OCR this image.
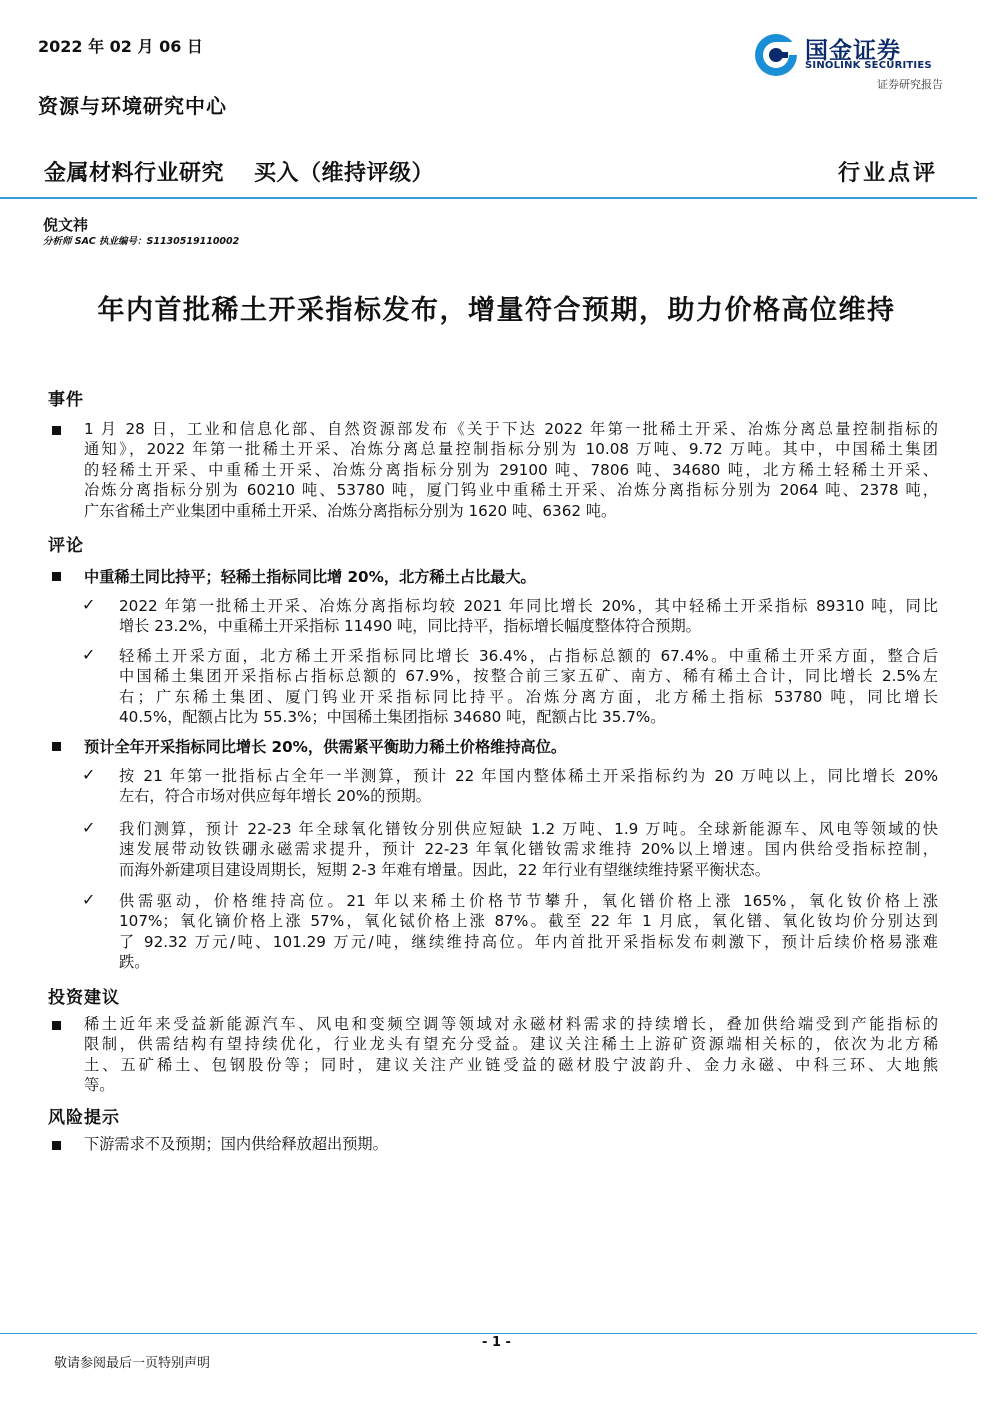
2022 年 02 月 06 日
资源与环境研究中心
国金证券
SINOLINK SECURITIES
证券研究报告
金属材料行业研究 买入（维持评级）	行业点评
倪文祎
分析师 SAC 执业编号：S1130519110002
年内首批稀土开采指标发布，增量符合预期，助力价格高位维持
事件
1 月 28 日，工业和信息化部、自然资源部发布《关于下达 2022 年第一批稀土开采、冶炼分离总量控制指标的
通知》，2022 年第一批稀土开采、冶炼分离总量控制指标分别为 10.08 万吨、9.72 万吨。其中，中国稀土集团
的轻稀土开采、中重稀土开采、冶炼分离指标分别为 29100 吨、7806 吨、34680 吨，北方稀土轻稀土开采、
冶炼分离指标分别为 60210 吨、53780 吨，厦门钨业中重稀土开采、冶炼分离指标分别为 2064 吨、2378 吨，
广东省稀土产业集团中重稀土开采、冶炼分离指标分别为 1620 吨、6362 吨。
评论
中重稀土同比持平；轻稀土指标同比增 20%，北方稀土占比最大。
✓ 2022 年第一批稀土开采、冶炼分离指标均较 2021 年同比增长 20%，其中轻稀土开采指标 89310 吨，同比
增长 23.2%，中重稀土开采指标 11490 吨，同比持平，指标增长幅度整体符合预期。
✓ 轻稀土开采方面，北方稀土开采指标同比增长 36.4%，占指标总额的 67.4%。中重稀土开采方面，整合后
中国稀土集团开采指标占指标总额的 67.9%，按整合前三家五矿、南方、稀有稀土合计，同比增长 2.5%左
右；广东稀土集团、厦门钨业开采指标同比持平。冶炼分离方面，北方稀土指标 53780 吨，同比增长
40.5%，配额占比为 55.3%；中国稀土集团指标 34680 吨，配额占比 35.7%。
预计全年开采指标同比增长 20%，供需紧平衡助力稀土价格维持高位。
✓ 按 21 年第一批指标占全年一半测算，预计 22 年国内整体稀土开采指标约为 20 万吨以上，同比增长 20%
左右，符合市场对供应每年增长 20%的预期。
✓ 我们测算，预计 22-23 年全球氧化镨钕分别供应短缺 1.2 万吨、1.9 万吨。全球新能源车、风电等领域的快
速发展带动钕铁硼永磁需求提升，预计 22-23 年氧化镨钕需求维持 20%以上增速。国内供给受指标控制，
而海外新建项目建设周期长，短期 2-3 年难有增量。因此，22 年行业有望继续维持紧平衡状态。
✓ 供需驱动，价格维持高位。21 年以来稀土价格节节攀升，氧化镨价格上涨 165%，氧化钕价格上涨
107%；氧化镝价格上涨 57%，氧化铽价格上涨 87%。截至 22 年 1 月底，氧化镨、氧化钕均价分别达到
了 92.32 万元/吨、101.29 万元/吨，继续维持高位。年内首批开采指标发布刺激下，预计后续价格易涨难
跌。
投资建议
稀土近年来受益新能源汽车、风电和变频空调等领域对永磁材料需求的持续增长，叠加供给端受到产能指标的
限制，供需结构有望持续优化，行业龙头有望充分受益。建议关注稀土上游矿资源端相关标的，依次为北方稀
土、五矿稀土、包钢股份等；同时，建议关注产业链受益的磁材股宁波韵升、金力永磁、中科三环、大地熊
等。
风险提示
下游需求不及预期；国内供给释放超出预期。
- 1 -
敬请参阅最后一页特别声明
